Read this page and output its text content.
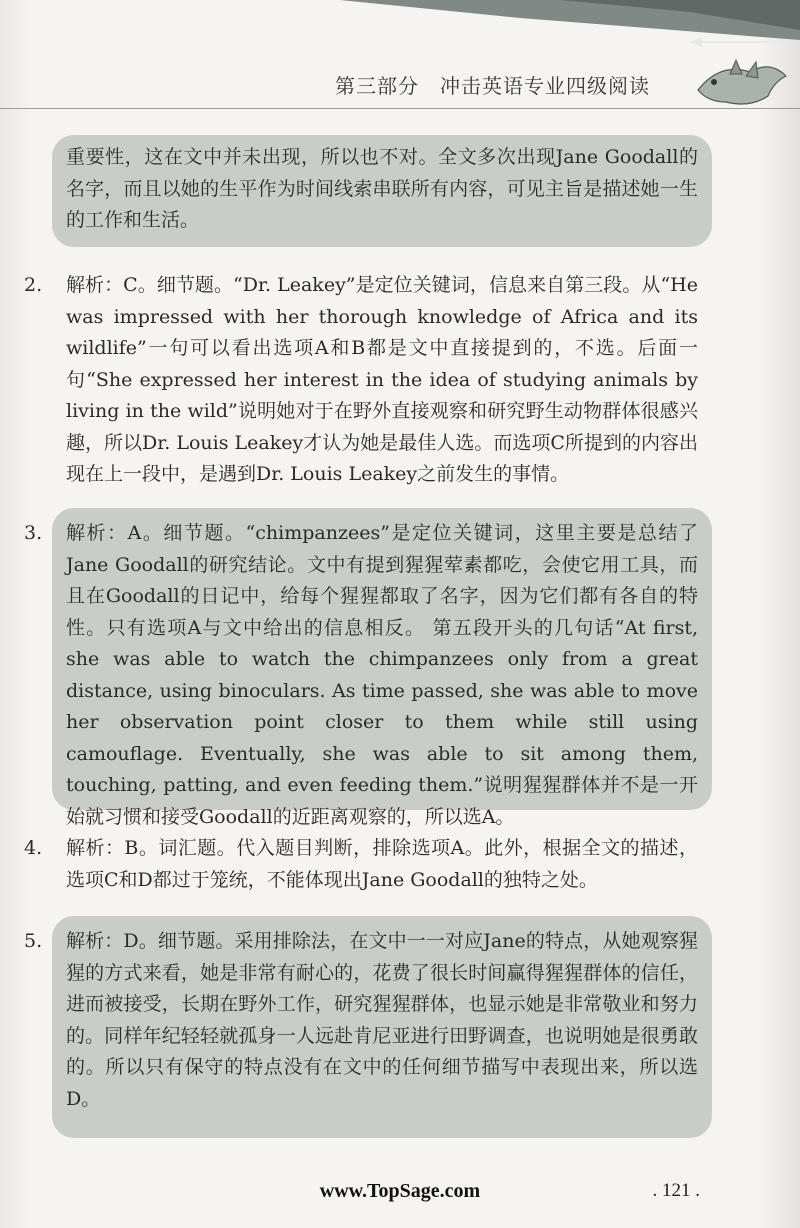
第三部分　冲击英语专业四级阅读
重要性，这在文中并未出现，所以也不对。全文多次出现Jane Goodall的名字，而且以她的生平作为时间线索串联所有内容，可见主旨是描述她一生的工作和生活。
2. 解析：C。细节题。“Dr. Leakey”是定位关键词，信息来自第三段。从“He was impressed with her thorough knowledge of Africa and its wildlife”一句可以看出选项A和B都是文中直接提到的，不选。后面一句“She expressed her interest in the idea of studying animals by living in the wild”说明她对于在野外直接观察和研究野生动物群体很感兴趣，所以Dr. Louis Leakey才认为她是最佳人选。而选项C所提到的内容出现在上一段中，是遇到Dr. Louis Leakey之前发生的事情。
3. 解析：A。细节题。“chimpanzees”是定位关键词，这里主要是总结了Jane Goodall的研究结论。文中有提到猩猩荤素都吃，会使它用工具，而且在Goodall的日记中，给每个猩猩都取了名字，因为它们都有各自的特性。只有选项A与文中给出的信息相反。 第五段开头的几句话“At first, she was able to watch the chimpanzees only from a great distance, using binoculars. As time passed, she was able to move her observation point closer to them while still using camouflage. Eventually, she was able to sit among them, touching, patting, and even feeding them.”说明猩猩群体并不是一开始就习惯和接受Goodall的近距离观察的，所以选A。
4. 解析：B。词汇题。代入题目判断，排除选项A。此外，根据全文的描述，选项C和D都过于笼统，不能体现出Jane Goodall的独特之处。
5. 解析：D。细节题。采用排除法，在文中一一对应Jane的特点，从她观察猩猩的方式来看，她是非常有耐心的，花费了很长时间赢得猩猩群体的信任，进而被接受，长期在野外工作，研究猩猩群体，也显示她是非常敬业和努力的。同样年纪轻轻就孤身一人远赴肯尼亚进行田野调查，也说明她是很勇敢的。所以只有保守的特点没有在文中的任何细节描写中表现出来，所以选D。
www.TopSage.com	. 121 .
